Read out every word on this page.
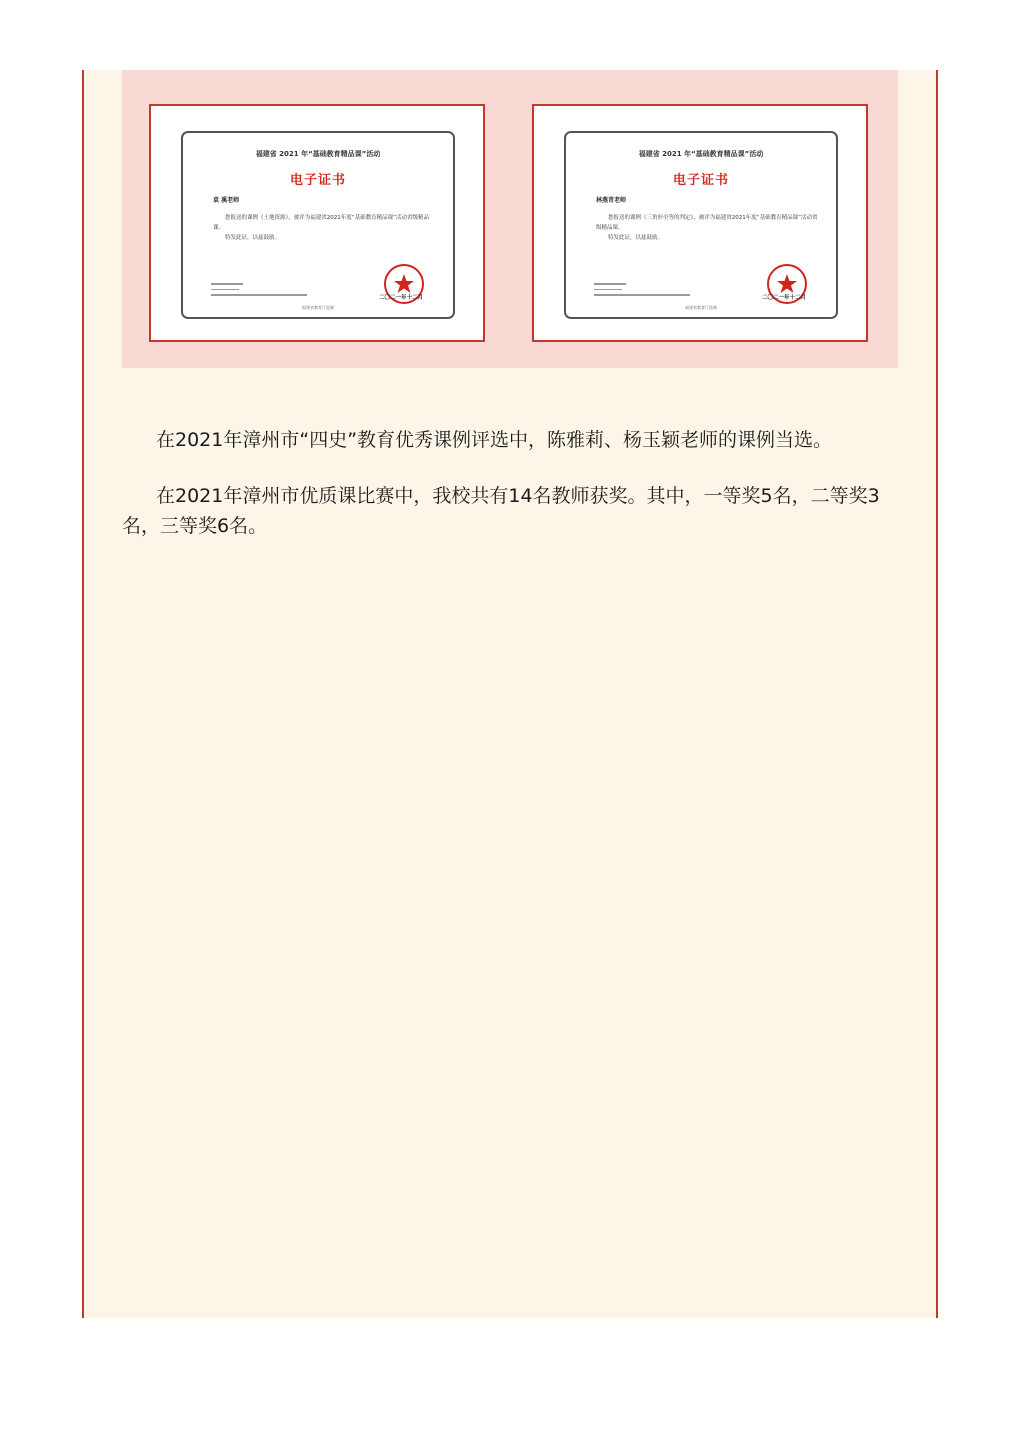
福建省 2021 年“基础教育精品课”活动
电子证书
袁 溪老师
您报送的课例《土地资源》，被评为福建省2021年度“基础教育精品课”活动省级精品课。
特发此证，以兹鼓励。
二〇二一年十二月
福建省教育厅监制
福建省 2021 年“基础教育精品课”活动
电子证书
林燕青老师
您报送的课例《三角形全等的判定》，被评为福建省2021年度“基础教育精品课”活动省级精品课。
特发此证，以兹鼓励。
二〇二一年十二月
福建省教育厅监制

在2021年漳州市“四史”教育优秀课例评选中，陈雅莉、杨玉颖老师的课例当选。

在2021年漳州市优质课比赛中，我校共有14名教师获奖。其中，一等奖5名，二等奖3名，三等奖6名。
